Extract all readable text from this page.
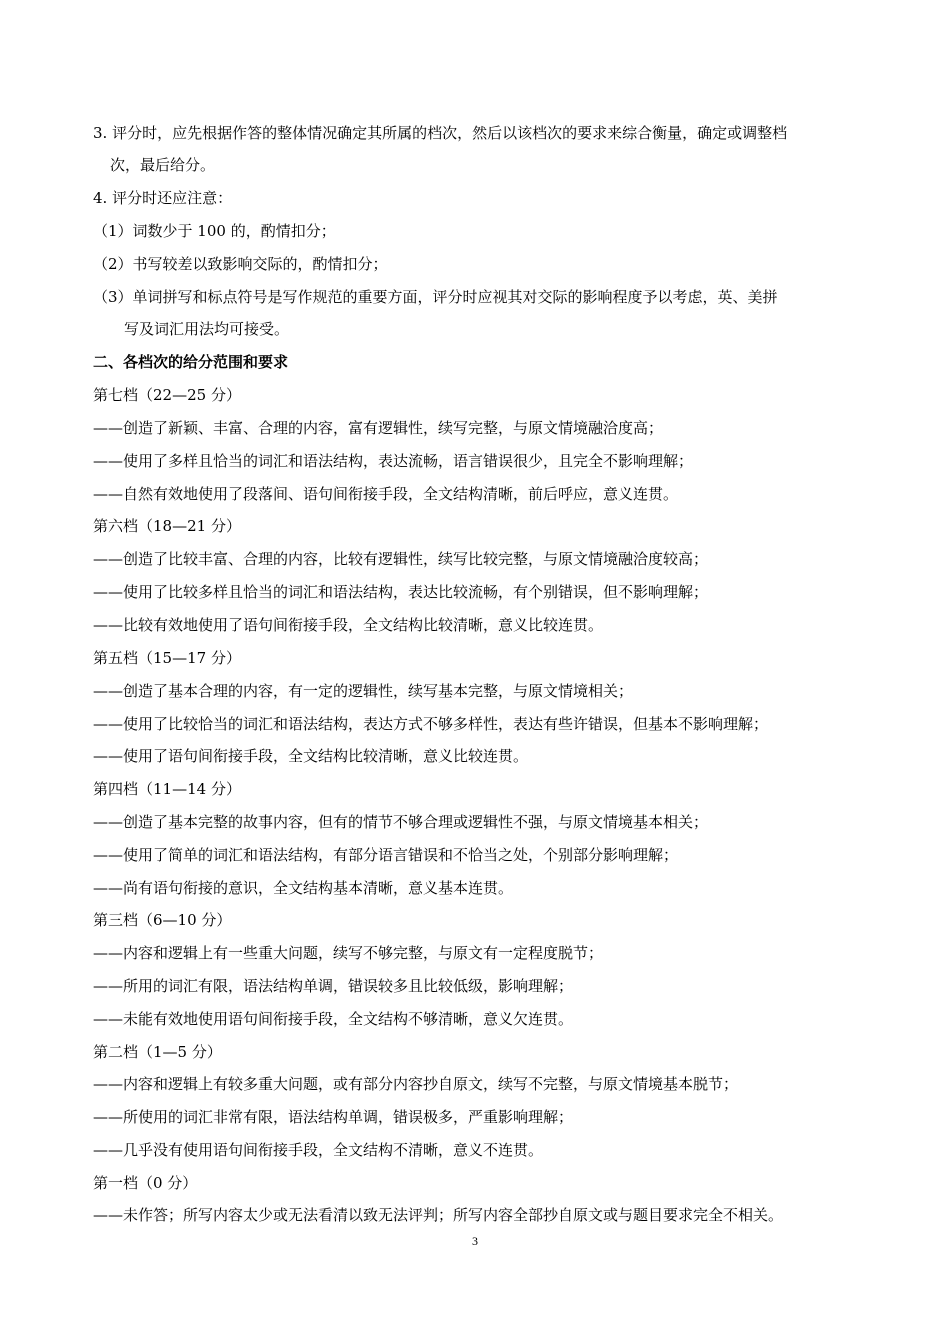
3. 评分时，应先根据作答的整体情况确定其所属的档次，然后以该档次的要求来综合衡量，确定或调整档
次，最后给分。
4. 评分时还应注意：
（1）词数少于 100 的，酌情扣分；
（2）书写较差以致影响交际的，酌情扣分；
（3）单词拼写和标点符号是写作规范的重要方面，评分时应视其对交际的影响程度予以考虑，英、美拼
写及词汇用法均可接受。
二、各档次的给分范围和要求
第七档（22—25 分）
——创造了新颖、丰富、合理的内容，富有逻辑性，续写完整，与原文情境融洽度高；
——使用了多样且恰当的词汇和语法结构，表达流畅，语言错误很少，且完全不影响理解；
——自然有效地使用了段落间、语句间衔接手段，全文结构清晰，前后呼应，意义连贯。
第六档（18—21 分）
——创造了比较丰富、合理的内容，比较有逻辑性，续写比较完整，与原文情境融洽度较高；
——使用了比较多样且恰当的词汇和语法结构，表达比较流畅，有个别错误，但不影响理解；
——比较有效地使用了语句间衔接手段，全文结构比较清晰，意义比较连贯。
第五档（15—17 分）
——创造了基本合理的内容，有一定的逻辑性，续写基本完整，与原文情境相关；
——使用了比较恰当的词汇和语法结构，表达方式不够多样性，表达有些许错误，但基本不影响理解；
——使用了语句间衔接手段，全文结构比较清晰，意义比较连贯。
第四档（11—14 分）
——创造了基本完整的故事内容，但有的情节不够合理或逻辑性不强，与原文情境基本相关；
——使用了简单的词汇和语法结构，有部分语言错误和不恰当之处，个别部分影响理解；
——尚有语句衔接的意识，全文结构基本清晰，意义基本连贯。
第三档（6—10 分）
——内容和逻辑上有一些重大问题，续写不够完整，与原文有一定程度脱节；
——所用的词汇有限，语法结构单调，错误较多且比较低级，影响理解；
——未能有效地使用语句间衔接手段，全文结构不够清晰，意义欠连贯。
第二档（1—5 分）
——内容和逻辑上有较多重大问题，或有部分内容抄自原文，续写不完整，与原文情境基本脱节；
——所使用的词汇非常有限，语法结构单调，错误极多，严重影响理解；
——几乎没有使用语句间衔接手段，全文结构不清晰，意义不连贯。
第一档（0 分）
——未作答；所写内容太少或无法看清以致无法评判；所写内容全部抄自原文或与题目要求完全不相关。
3
